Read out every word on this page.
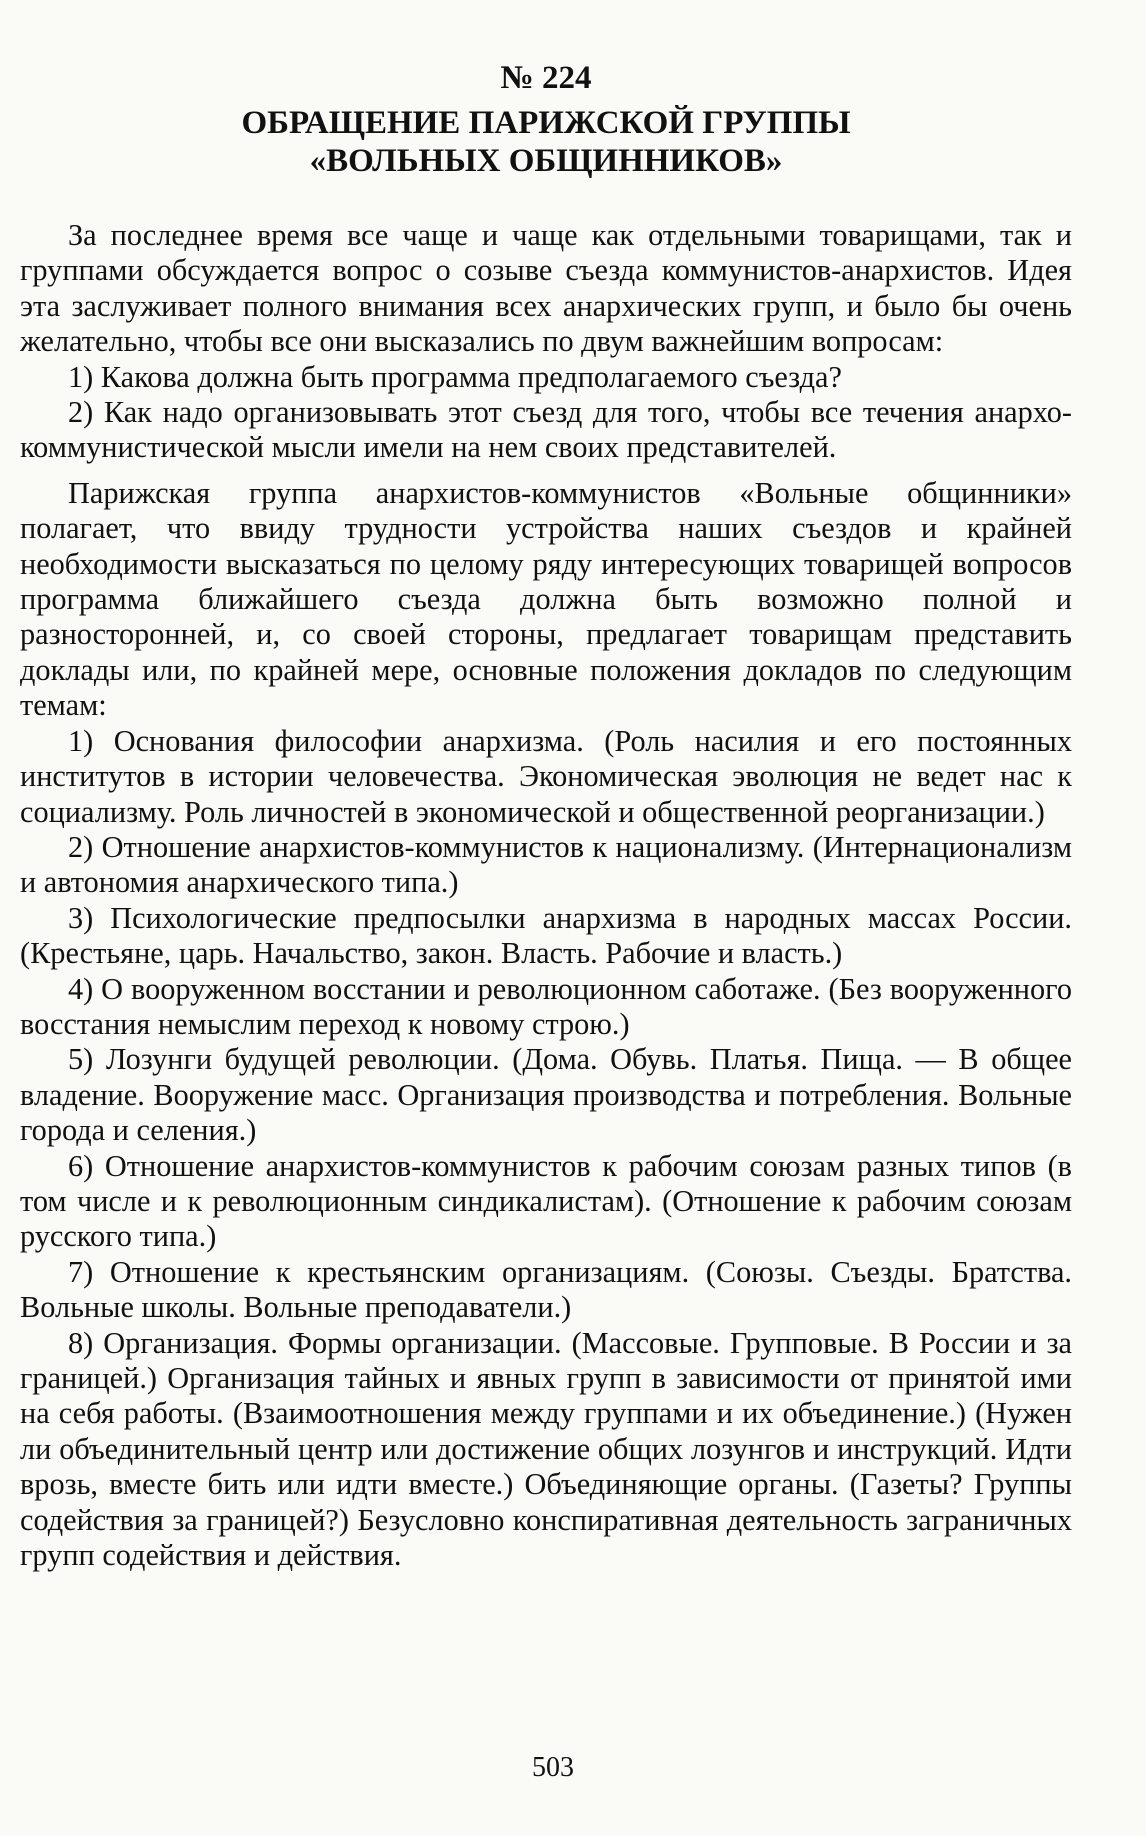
№ 224
ОБРАЩЕНИЕ ПАРИЖСКОЙ ГРУППЫ
«ВОЛЬНЫХ ОБЩИННИКОВ»

За последнее время все чаще и чаще как отдельными товарищами, так и группами обсуждается вопрос о созыве съезда коммунистов-анархистов. Идея эта заслуживает полного внимания всех анархических групп, и было бы очень желательно, чтобы все они высказались по двум важнейшим вопросам:

1) Какова должна быть программа предполагаемого съезда?

2) Как надо организовывать этот съезд для того, чтобы все течения анархо-коммунистической мысли имели на нем своих представителей.

Парижская группа анархистов-коммунистов «Вольные общинники» полагает, что ввиду трудности устройства наших съездов и крайней необходимости высказаться по целому ряду интересующих товарищей вопросов программа ближайшего съезда должна быть возможно полной и разносторонней, и, со своей стороны, предлагает товарищам представить доклады или, по крайней мере, основные положения докладов по следующим темам:

1) Основания философии анархизма. (Роль насилия и его постоянных институтов в истории человечества. Экономическая эволюция не ведет нас к социализму. Роль личностей в экономической и общественной реорганизации.)

2) Отношение анархистов-коммунистов к национализму. (Интернационализм и автономия анархического типа.)

3) Психологические предпосылки анархизма в народных массах России. (Крестьяне, царь. Начальство, закон. Власть. Рабочие и власть.)

4) О вооруженном восстании и революционном саботаже. (Без вооруженного восстания немыслим переход к новому строю.)

5) Лозунги будущей революции. (Дома. Обувь. Платья. Пища. — В общее владение. Вооружение масс. Организация производства и потребления. Вольные города и селения.)

6) Отношение анархистов-коммунистов к рабочим союзам разных типов (в том числе и к революционным синдикалистам). (Отношение к рабочим союзам русского типа.)

7) Отношение к крестьянским организациям. (Союзы. Съезды. Братства. Вольные школы. Вольные преподаватели.)

8) Организация. Формы организации. (Массовые. Групповые. В России и за границей.) Организация тайных и явных групп в зависимости от принятой ими на себя работы. (Взаимоотношения между группами и их объединение.) (Нужен ли объединительный центр или достижение общих лозунгов и инструкций. Идти врозь, вместе бить или идти вместе.) Объединяющие органы. (Газеты? Группы содействия за границей?) Безусловно конспиративная деятельность заграничных групп содействия и действия.

503
